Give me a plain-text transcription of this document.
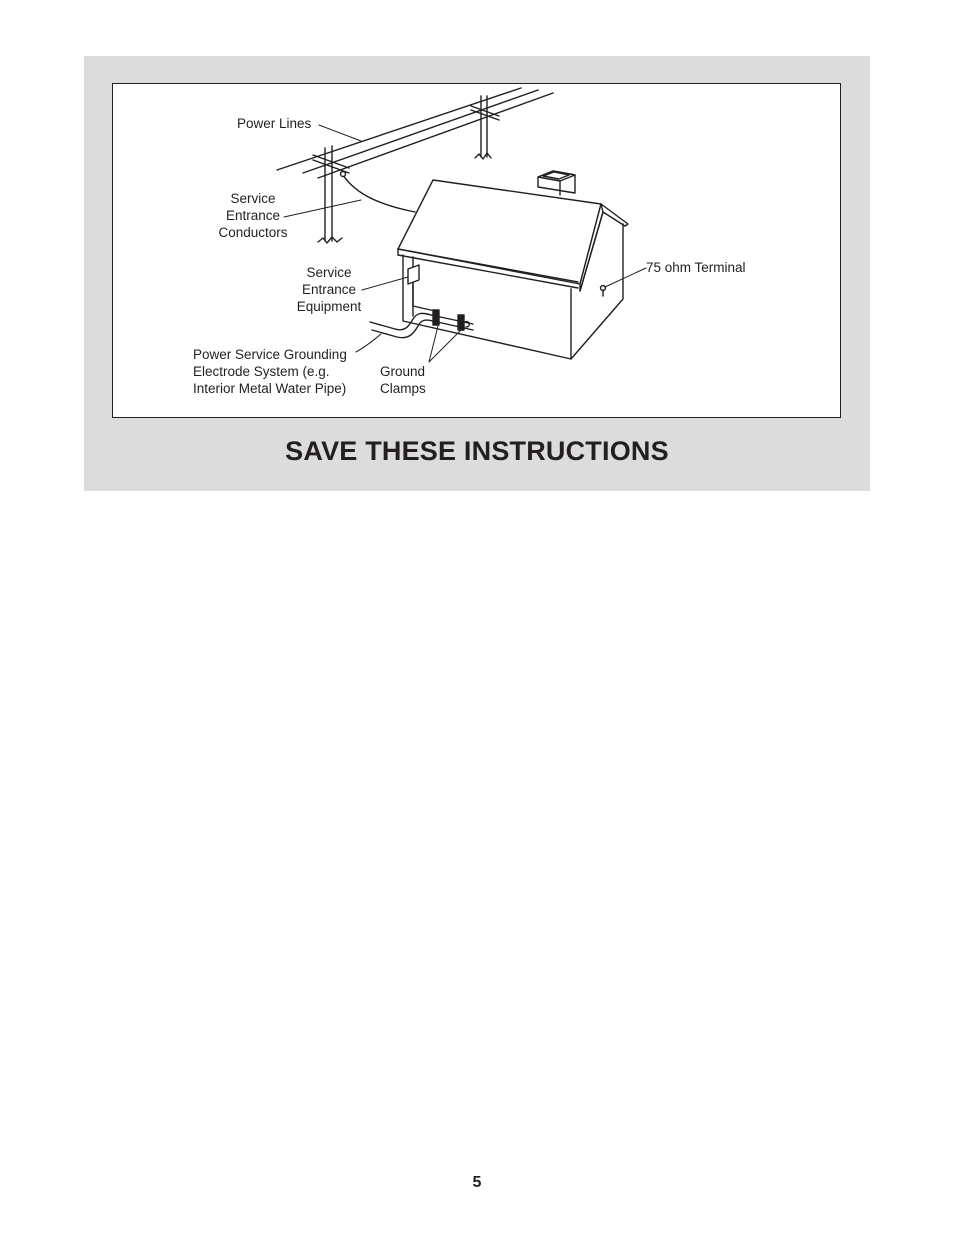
Power Lines
Service
Entrance
Conductors
Service
Entrance
Equipment
Power Service Grounding
Electrode System (e.g.
Interior Metal Water Pipe)
Ground
Clamps
75 ohm Terminal
SAVE THESE INSTRUCTIONS
5
